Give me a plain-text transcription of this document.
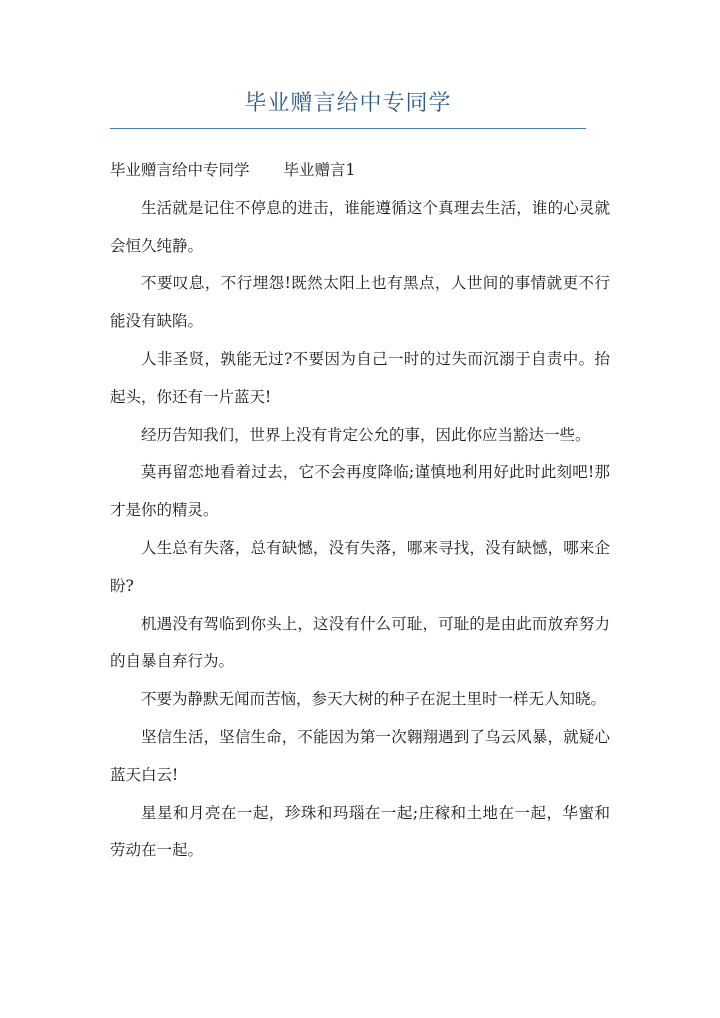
毕业赠言给中专同学

毕业赠言给中专同学 毕业赠言1

生活就是记住不停息的进击，谁能遵循这个真理去生活，谁的心灵就会恒久纯静。

不要叹息，不行埋怨!既然太阳上也有黑点，人世间的事情就更不行能没有缺陷。

人非圣贤，孰能无过?不要因为自己一时的过失而沉溺于自责中。抬起头，你还有一片蓝天!

经历告知我们，世界上没有肯定公允的事，因此你应当豁达一些。

莫再留恋地看着过去，它不会再度降临;谨慎地利用好此时此刻吧!那才是你的精灵。

人生总有失落，总有缺憾，没有失落，哪来寻找，没有缺憾，哪来企盼?

机遇没有驾临到你头上，这没有什么可耻，可耻的是由此而放弃努力的自暴自弃行为。

不要为静默无闻而苦恼，参天大树的种子在泥土里时一样无人知晓。

坚信生活，坚信生命，不能因为第一次翱翔遇到了乌云风暴，就疑心蓝天白云!

星星和月亮在一起，珍珠和玛瑙在一起;庄稼和土地在一起，华蜜和劳动在一起。
